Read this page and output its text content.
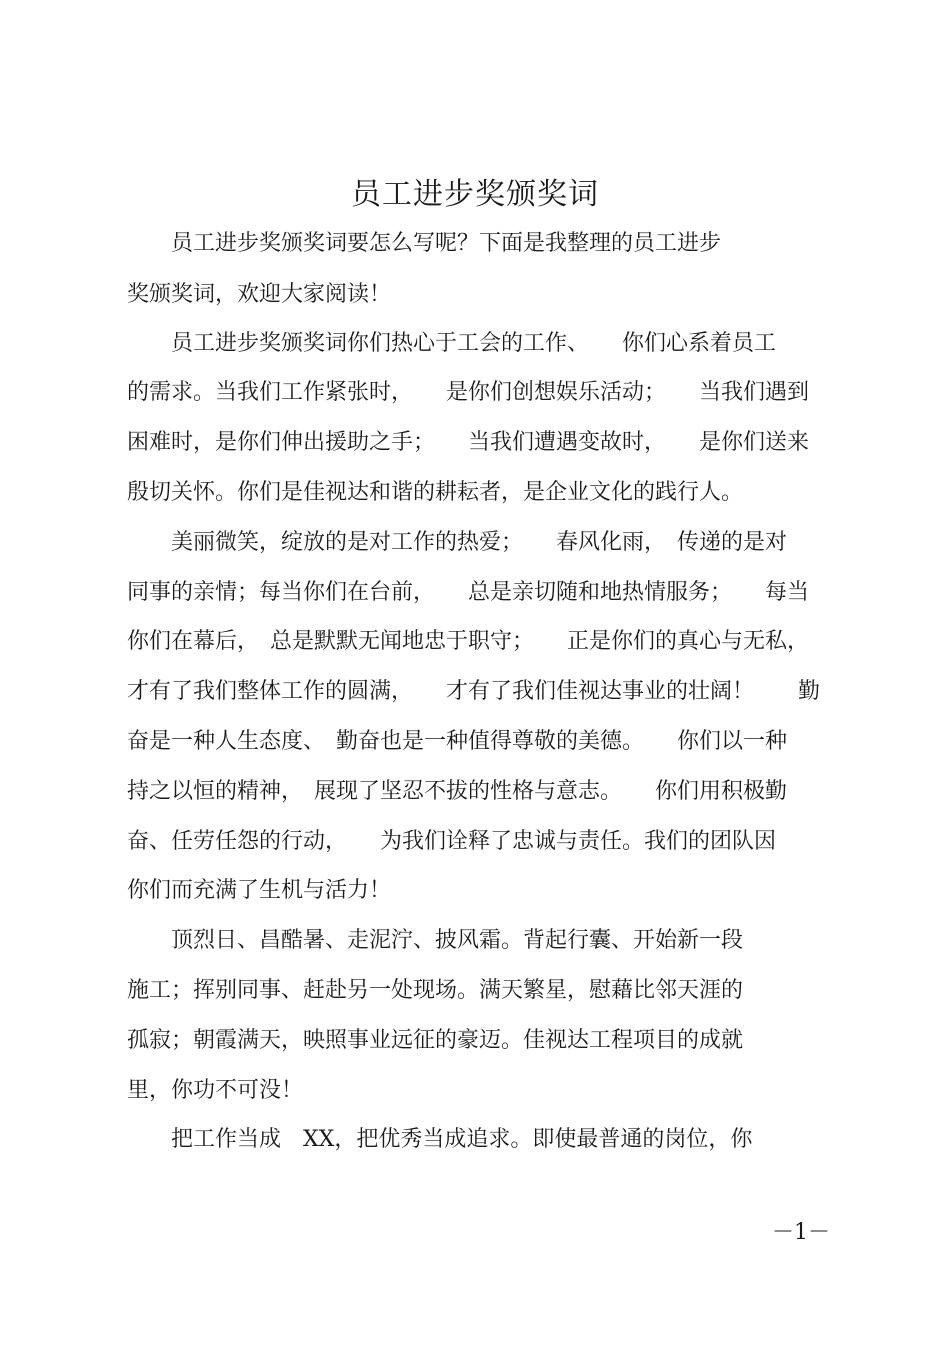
员工进步奖颁奖词

　　员工进步奖颁奖词要怎么写呢？下面是我整理的员工进步

奖颁奖词，欢迎大家阅读！

　　员工进步奖颁奖词你们热心于工会的工作、　　你们心系着员工

的需求。当我们工作紧张时，　　是你们创想娱乐活动；　　当我们遇到

困难时，是你们伸出援助之手；　　当我们遭遇变故时，　　是你们送来

殷切关怀。你们是佳视达和谐的耕耘者，是企业文化的践行人。

　　美丽微笑，绽放的是对工作的热爱；　　春风化雨，　传递的是对

同事的亲情；每当你们在台前，　　总是亲切随和地热情服务；　　每当

你们在幕后，　总是默默无闻地忠于职守；　　正是你们的真心与无私，

才有了我们整体工作的圆满，　　才有了我们佳视达事业的壮阔！　　勤

奋是一种人生态度、　勤奋也是一种值得尊敬的美德。　　你们以一种

持之以恒的精神，　展现了坚忍不拔的性格与意志。　　你们用积极勤

奋、任劳任怨的行动，　　为我们诠释了忠诚与责任。我们的团队因

你们而充满了生机与活力！

　　顶烈日、昌酷暑、走泥泞、披风霜。背起行囊、开始新一段

施工；挥别同事、赶赴另一处现场。满天繁星，慰藉比邻天涯的

孤寂；朝霞满天，映照事业远征的豪迈。佳视达工程项目的成就

里，你功不可没！

　　把工作当成　XX，把优秀当成追求。即使最普通的岗位，你

－1－
